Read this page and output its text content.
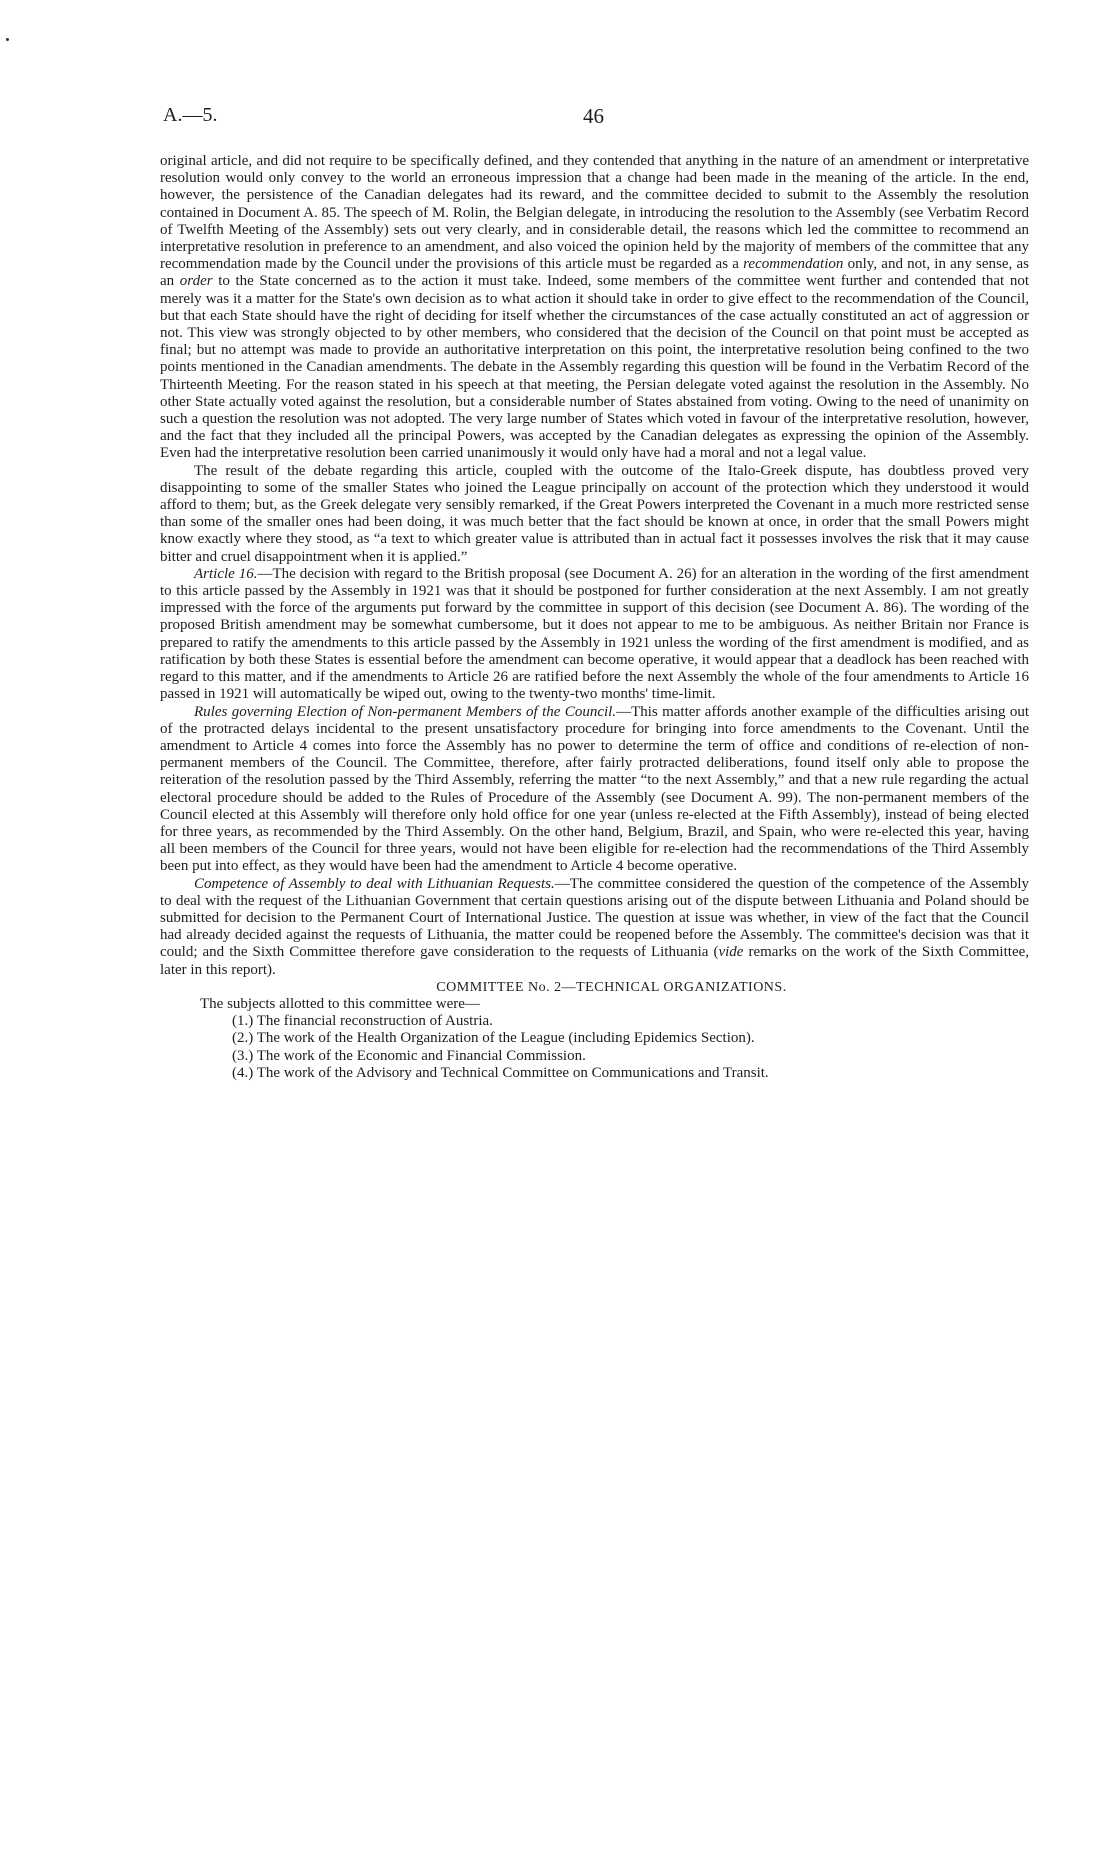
A.—5.	46

original article, and did not require to be specifically defined, and they contended that anything in the nature of an amendment or interpretative resolution would only convey to the world an erroneous impression that a change had been made in the meaning of the article. In the end, however, the persistence of the Canadian delegates had its reward, and the committee decided to submit to the Assembly the resolution contained in Document A. 85. The speech of M. Rolin, the Belgian delegate, in introducing the resolution to the Assembly (see Verbatim Record of Twelfth Meeting of the Assembly) sets out very clearly, and in considerable detail, the reasons which led the committee to recommend an interpretative resolution in preference to an amendment, and also voiced the opinion held by the majority of members of the committee that any recommendation made by the Council under the provisions of this article must be regarded as a recommendation only, and not, in any sense, as an order to the State concerned as to the action it must take. Indeed, some members of the committee went further and contended that not merely was it a matter for the State's own decision as to what action it should take in order to give effect to the recommendation of the Council, but that each State should have the right of deciding for itself whether the circumstances of the case actually constituted an act of aggression or not. This view was strongly objected to by other members, who considered that the decision of the Council on that point must be accepted as final; but no attempt was made to provide an authoritative interpretation on this point, the interpretative resolution being confined to the two points mentioned in the Canadian amendments. The debate in the Assembly regarding this question will be found in the Verbatim Record of the Thirteenth Meeting. For the reason stated in his speech at that meeting, the Persian delegate voted against the resolution in the Assembly. No other State actually voted against the resolution, but a considerable number of States abstained from voting. Owing to the need of unanimity on such a question the resolution was not adopted. The very large number of States which voted in favour of the interpretative resolution, however, and the fact that they included all the principal Powers, was accepted by the Canadian delegates as expressing the opinion of the Assembly. Even had the interpretative resolution been carried unanimously it would only have had a moral and not a legal value.

The result of the debate regarding this article, coupled with the outcome of the Italo-Greek dispute, has doubtless proved very disappointing to some of the smaller States who joined the League principally on account of the protection which they understood it would afford to them; but, as the Greek delegate very sensibly remarked, if the Great Powers interpreted the Covenant in a much more restricted sense than some of the smaller ones had been doing, it was much better that the fact should be known at once, in order that the small Powers might know exactly where they stood, as “a text to which greater value is attributed than in actual fact it possesses involves the risk that it may cause bitter and cruel disappointment when it is applied.”

Article 16.—The decision with regard to the British proposal (see Document A. 26) for an alteration in the wording of the first amendment to this article passed by the Assembly in 1921 was that it should be postponed for further consideration at the next Assembly. I am not greatly impressed with the force of the arguments put forward by the committee in support of this decision (see Document A. 86). The wording of the proposed British amendment may be somewhat cumbersome, but it does not appear to me to be ambiguous. As neither Britain nor France is prepared to ratify the amendments to this article passed by the Assembly in 1921 unless the wording of the first amendment is modified, and as ratification by both these States is essential before the amendment can become operative, it would appear that a deadlock has been reached with regard to this matter, and if the amendments to Article 26 are ratified before the next Assembly the whole of the four amendments to Article 16 passed in 1921 will automatically be wiped out, owing to the twenty-two months' time-limit.

Rules governing Election of Non-permanent Members of the Council.—This matter affords another example of the difficulties arising out of the protracted delays incidental to the present unsatisfactory procedure for bringing into force amendments to the Covenant. Until the amendment to Article 4 comes into force the Assembly has no power to determine the term of office and conditions of re-election of non-permanent members of the Council. The Committee, therefore, after fairly protracted deliberations, found itself only able to propose the reiteration of the resolution passed by the Third Assembly, referring the matter “to the next Assembly,” and that a new rule regarding the actual electoral procedure should be added to the Rules of Procedure of the Assembly (see Document A. 99). The non-permanent members of the Council elected at this Assembly will therefore only hold office for one year (unless re-elected at the Fifth Assembly), instead of being elected for three years, as recommended by the Third Assembly. On the other hand, Belgium, Brazil, and Spain, who were re-elected this year, having all been members of the Council for three years, would not have been eligible for re-election had the recommendations of the Third Assembly been put into effect, as they would have been had the amendment to Article 4 become operative.

Competence of Assembly to deal with Lithuanian Requests.—The committee considered the question of the competence of the Assembly to deal with the request of the Lithuanian Government that certain questions arising out of the dispute between Lithuania and Poland should be submitted for decision to the Permanent Court of International Justice. The question at issue was whether, in view of the fact that the Council had already decided against the requests of Lithuania, the matter could be reopened before the Assembly. The committee's decision was that it could; and the Sixth Committee therefore gave consideration to the requests of Lithuania (vide remarks on the work of the Sixth Committee, later in this report).

COMMITTEE No. 2—TECHNICAL ORGANIZATIONS.

The subjects allotted to this committee were—

(1.) The financial reconstruction of Austria.
(2.) The work of the Health Organization of the League (including Epidemics Section).
(3.) The work of the Economic and Financial Commission.
(4.) The work of the Advisory and Technical Committee on Communications and Transit.
